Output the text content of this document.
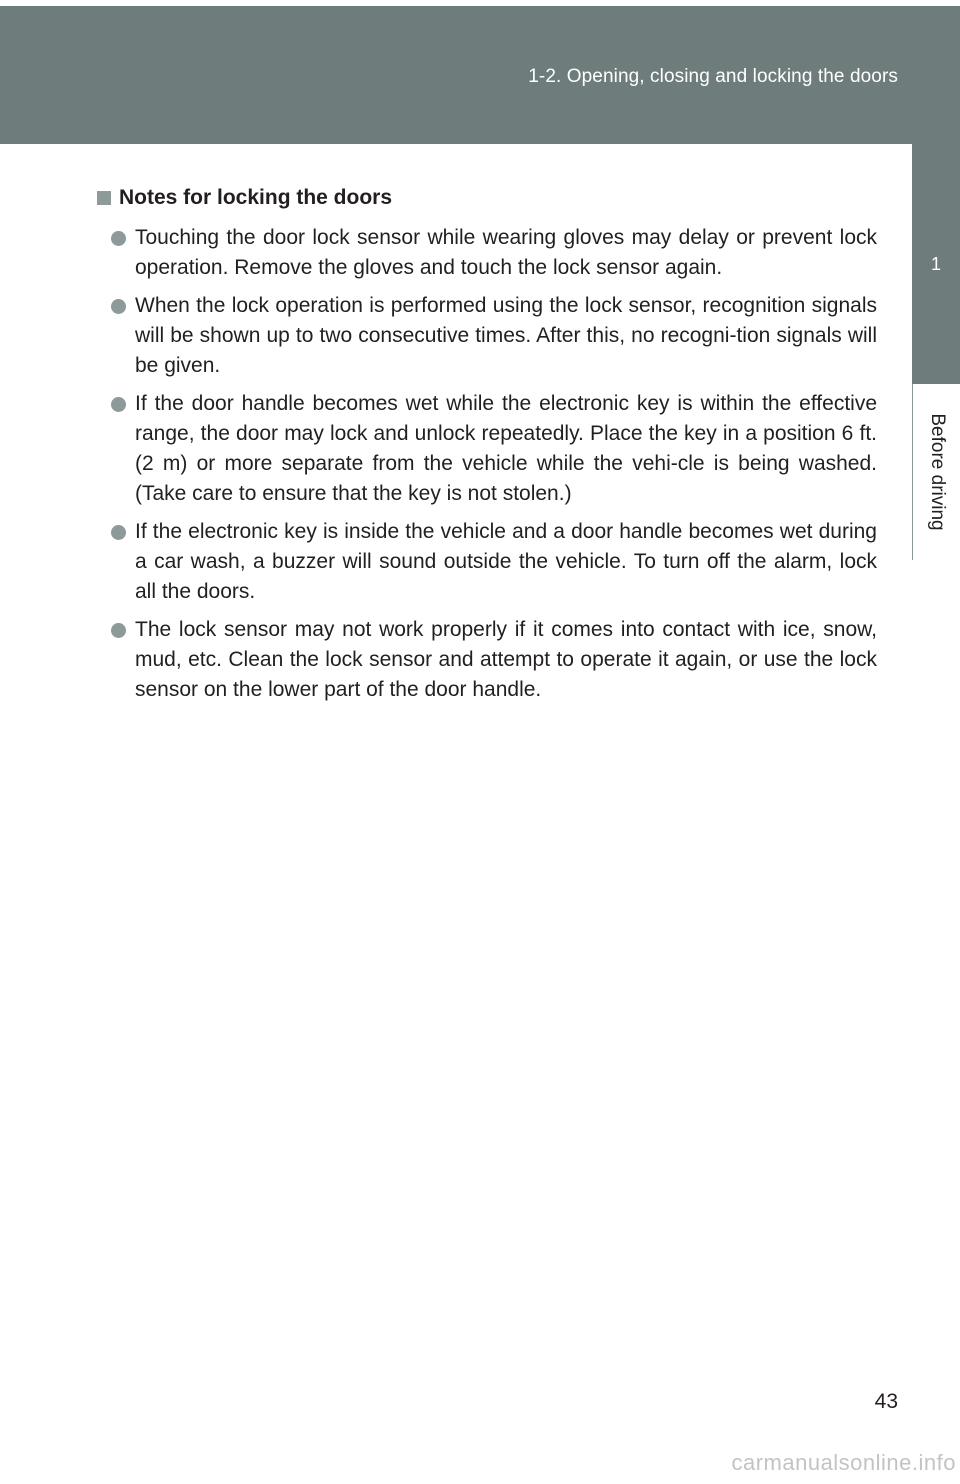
1-2. Opening, closing and locking the doors
1
Before driving
Notes for locking the doors
Touching the door lock sensor while wearing gloves may delay or prevent lock operation. Remove the gloves and touch the lock sensor again.
When the lock operation is performed using the lock sensor, recognition signals will be shown up to two consecutive times. After this, no recogni-tion signals will be given.
If the door handle becomes wet while the electronic key is within the effective range, the door may lock and unlock repeatedly. Place the key in a position 6 ft. (2 m) or more separate from the vehicle while the vehi-cle is being washed. (Take care to ensure that the key is not stolen.)
If the electronic key is inside the vehicle and a door handle becomes wet during a car wash, a buzzer will sound outside the vehicle. To turn off the alarm, lock all the doors.
The lock sensor may not work properly if it comes into contact with ice, snow, mud, etc. Clean the lock sensor and attempt to operate it again, or use the lock sensor on the lower part of the door handle.
43
carmanualsonline.info
